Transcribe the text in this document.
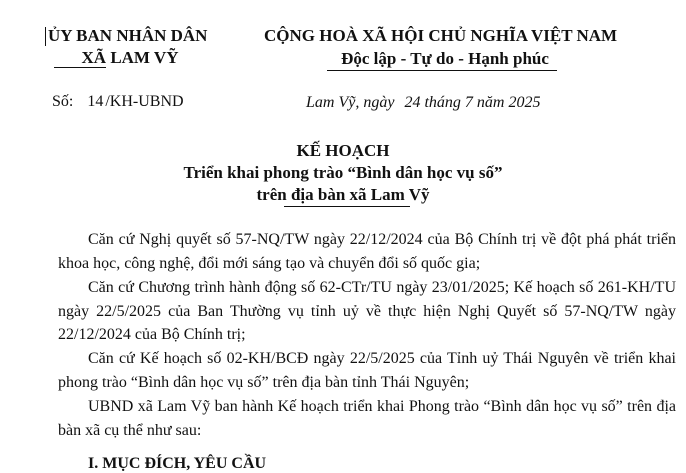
ỦY BAN NHÂN DÂN
XÃ LAM VỸ
CỘNG HOÀ XÃ HỘI CHỦ NGHĨA VIỆT NAM
Độc lập - Tự do - Hạnh phúc
Số: 14 /KH-UBND	Lam Vỹ, ngày 24 tháng 7 năm 2025
KẾ HOẠCH
Triển khai phong trào “Bình dân học vụ số”
trên địa bàn xã Lam Vỹ
Căn cứ Nghị quyết số 57-NQ/TW ngày 22/12/2024 của Bộ Chính trị về đột phá phát triển khoa học, công nghệ, đổi mới sáng tạo và chuyển đổi số quốc gia;
Căn cứ Chương trình hành động số 62-CTr/TU ngày 23/01/2025; Kế hoạch số 261-KH/TU ngày 22/5/2025 của Ban Thường vụ tỉnh uỷ về thực hiện Nghị Quyết số 57-NQ/TW ngày 22/12/2024 của Bộ Chính trị;
Căn cứ Kế hoạch số 02-KH/BCĐ ngày 22/5/2025 của Tỉnh uỷ Thái Nguyên về triển khai phong trào “Bình dân học vụ số” trên địa bàn tỉnh Thái Nguyên;
UBND xã Lam Vỹ ban hành Kế hoạch triển khai Phong trào “Bình dân học vụ số” trên địa bàn xã cụ thể như sau:
I. MỤC ĐÍCH, YÊU CẦU
